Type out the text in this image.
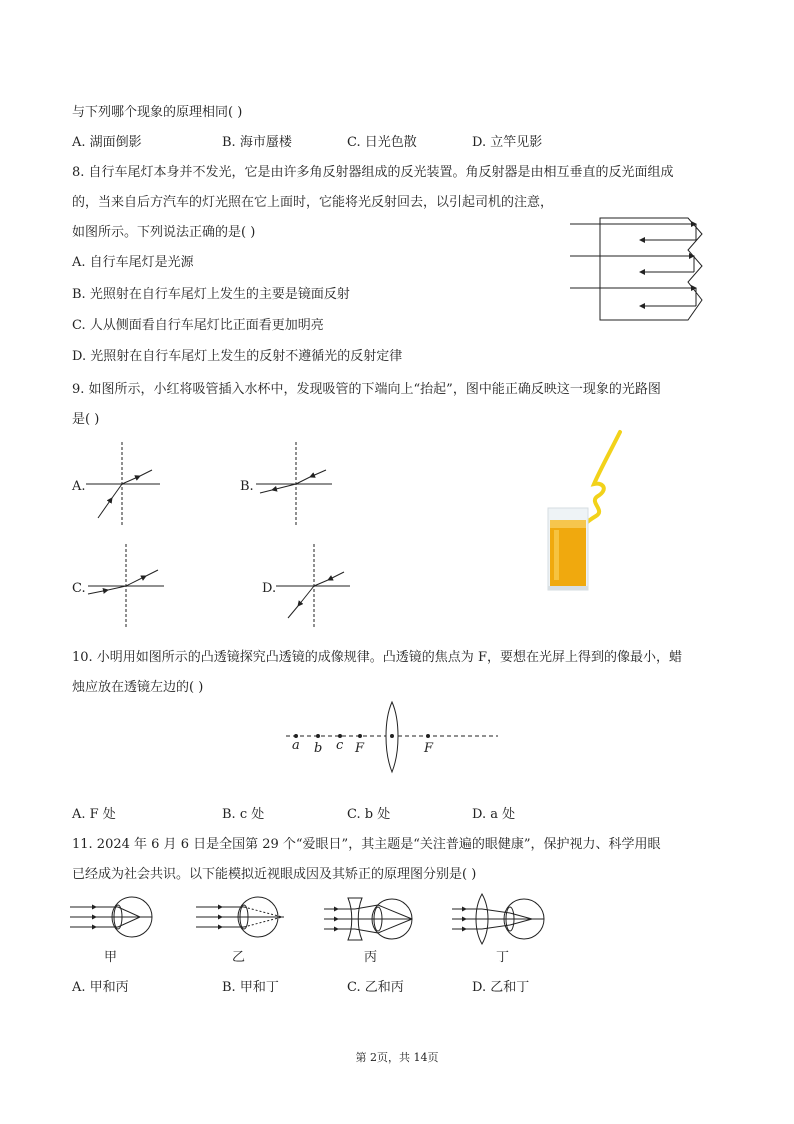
与下列哪个现象的原理相同( )
A. 湖面倒影	B. 海市蜃楼	C. 日光色散	D. 立竿见影
8. 自行车尾灯本身并不发光，它是由许多角反射器组成的反光装置。角反射器是由相互垂直的反光面组成
的，当来自后方汽车的灯光照在它上面时，它能将光反射回去，以引起司机的注意，
如图所示。下列说法正确的是( )
A. 自行车尾灯是光源
B. 光照射在自行车尾灯上发生的主要是镜面反射
C. 人从侧面看自行车尾灯比正面看更加明亮
D. 光照射在自行车尾灯上发生的反射不遵循光的反射定律
9. 如图所示，小红将吸管插入水杯中，发现吸管的下端向上“抬起”，图中能正确反映这一现象的光路图
是( )
A.	B.
C.	D.
10. 小明用如图所示的凸透镜探究凸透镜的成像规律。凸透镜的焦点为 F，要想在光屏上得到的像最小，蜡
烛应放在透镜左边的( )
a b c F	F
A. F 处	B. c 处	C. b 处	D. a 处
11. 2024 年 6 月 6 日是全国第 29 个“爱眼日”，其主题是“关注普遍的眼健康”，保护视力、科学用眼
已经成为社会共识。以下能模拟近视眼成因及其矫正的原理图分别是( )
甲	乙	丙	丁
A. 甲和丙	B. 甲和丁	C. 乙和丙	D. 乙和丁
第 2页，共 14页
